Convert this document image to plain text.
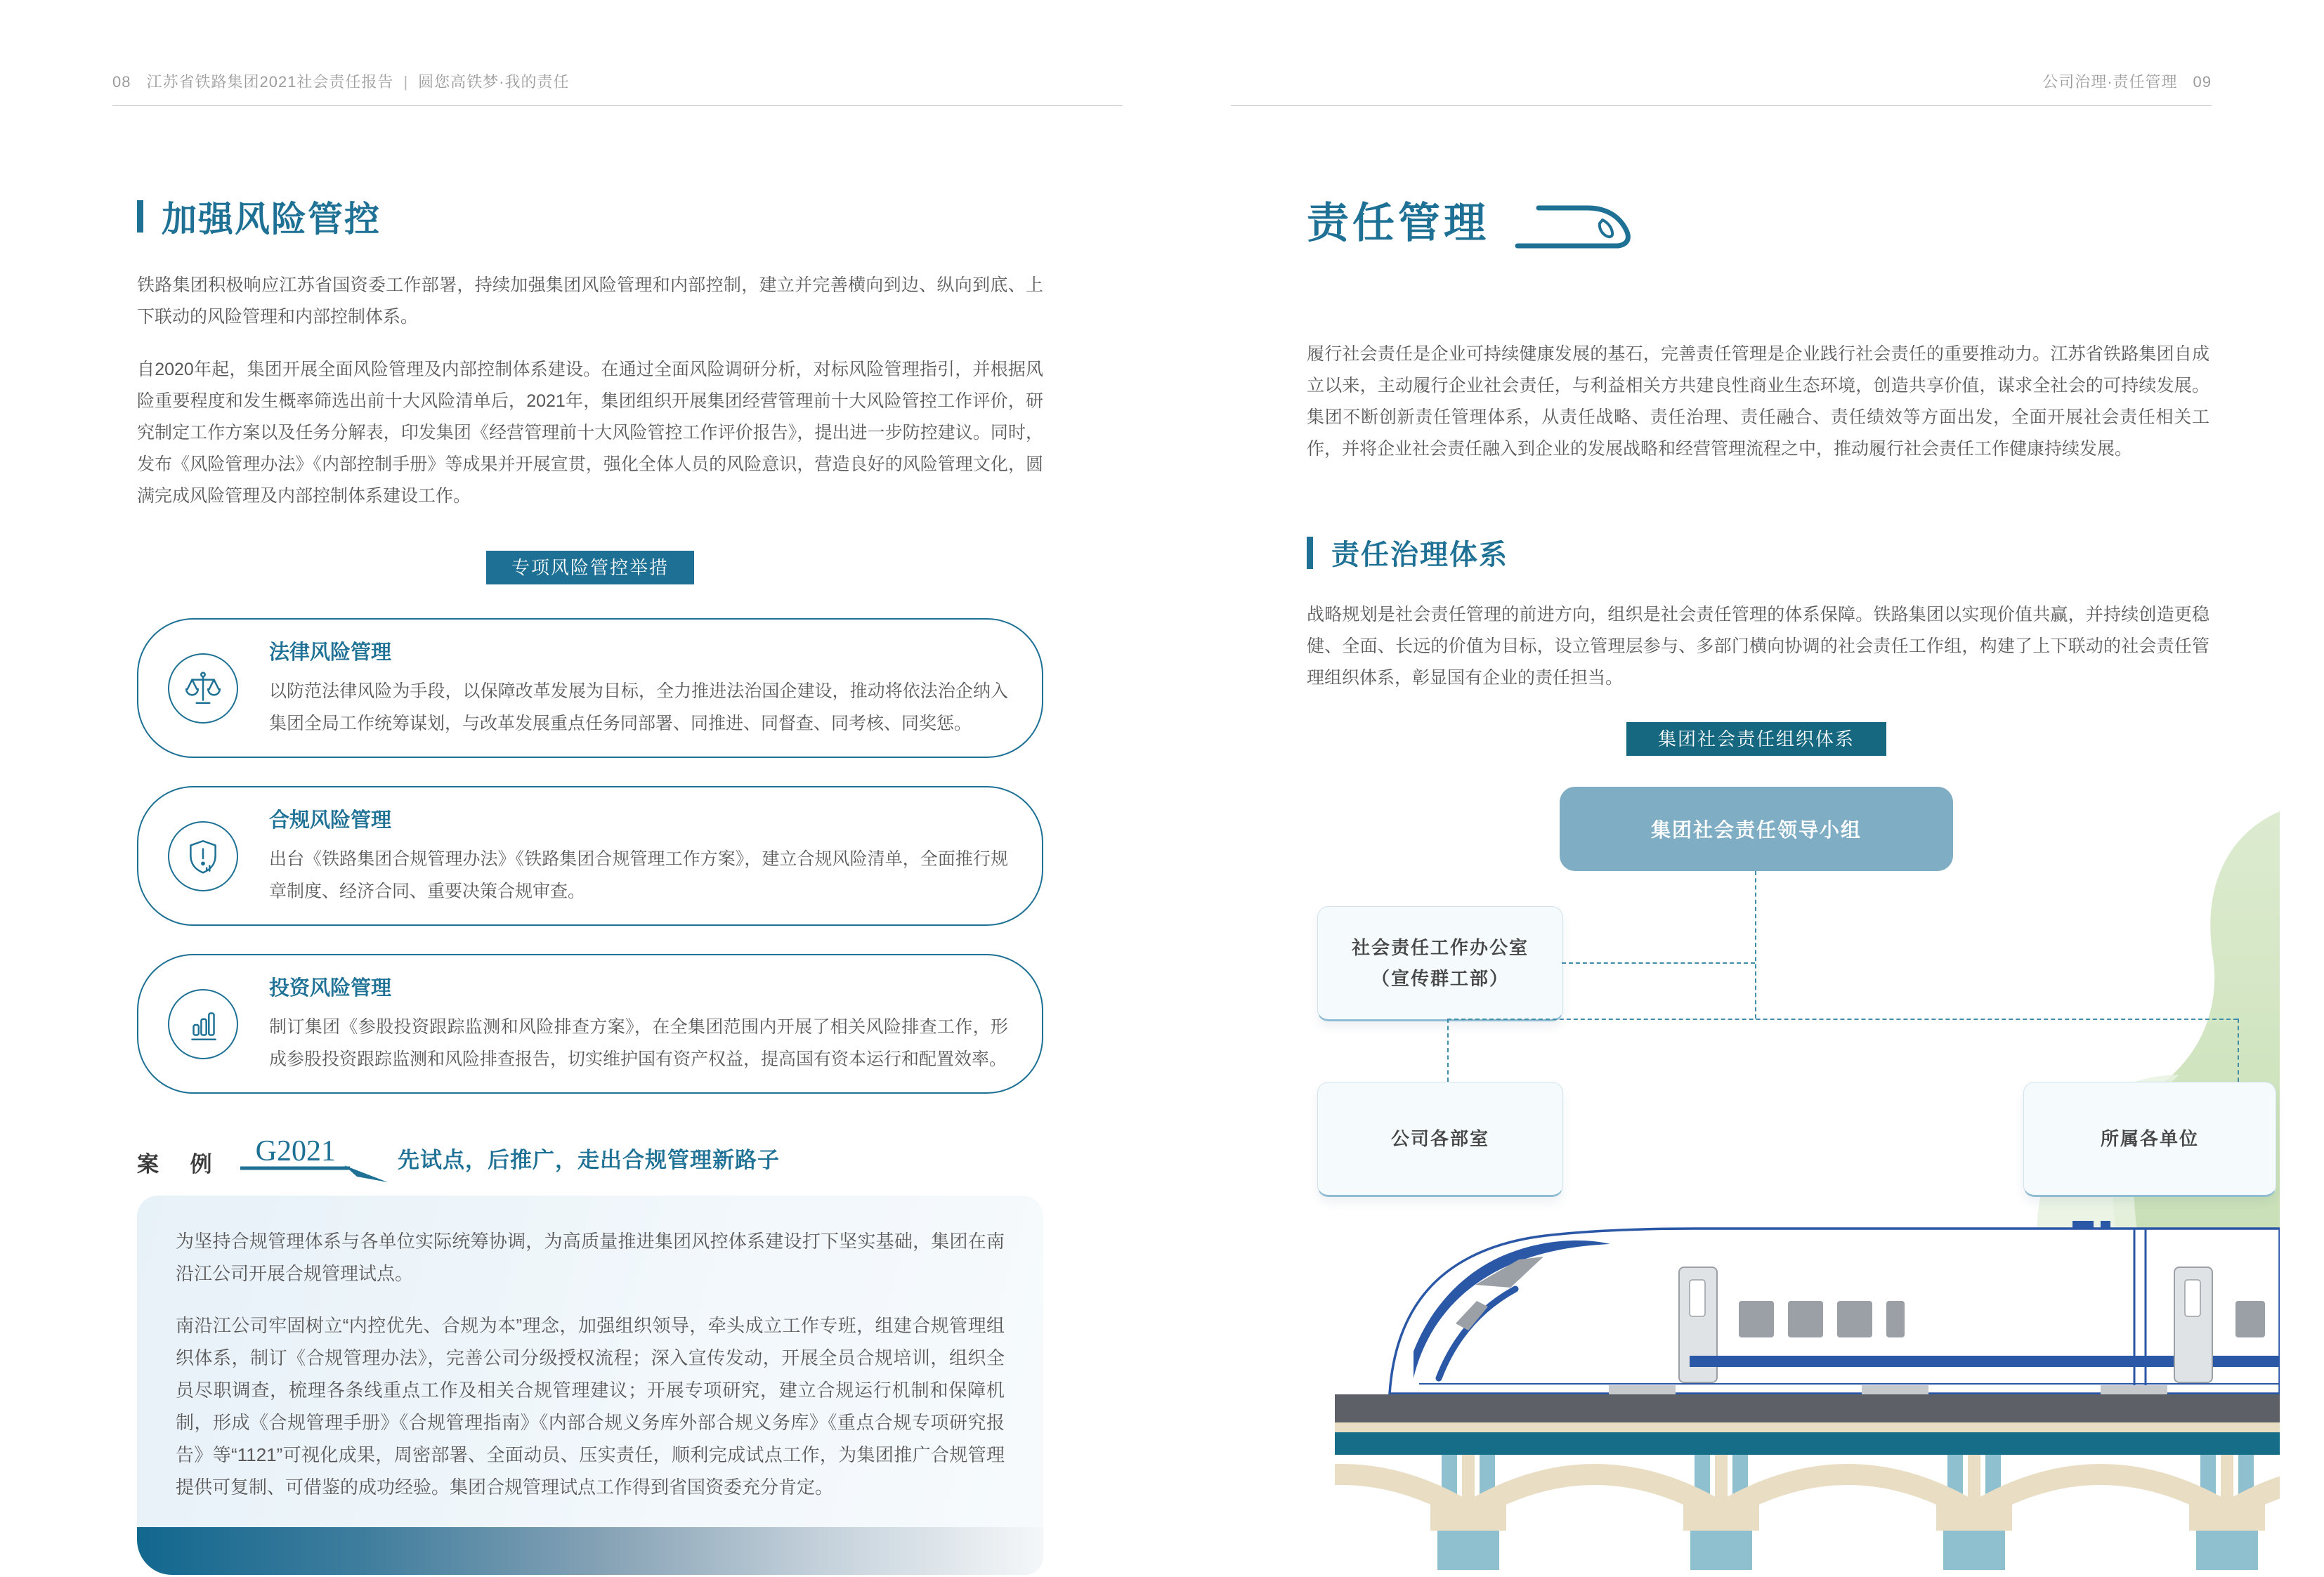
08 江苏省铁路集团2021社会责任报告 | 圆您高铁梦·我的责任	公司治理·责任管理 09
加强风险管控

铁路集团积极响应江苏省国资委工作部署，持续加强集团风险管理和内部控制，建立并完善横向到边、纵向到底、上下联动的风险管理和内部控制体系。

自2020年起，集团开展全面风险管理及内部控制体系建设。在通过全面风险调研分析，对标风险管理指引，并根据风险重要程度和发生概率筛选出前十大风险清单后，2021年，集团组织开展集团经营管理前十大风险管控工作评价，研究制定工作方案以及任务分解表，印发集团《经营管理前十大风险管控工作评价报告》，提出进一步防控建议。同时，发布《风险管理办法》《内部控制手册》等成果并开展宣贯，强化全体人员的风险意识，营造良好的风险管理文化，圆满完成风险管理及内部控制体系建设工作。

专项风险管控举措
法律风险管理

以防范法律风险为手段，以保障改革发展为目标，全力推进法治国企建设，推动将依法治企纳入集团全局工作统筹谋划，与改革发展重点任务同部署、同推进、同督查、同考核、同奖惩。

合规风险管理

出台《铁路集团合规管理办法》《铁路集团合规管理工作方案》，建立合规风险清单，全面推行规章制度、经济合同、重要决策合规审查。

投资风险管理

制订集团《参股投资跟踪监测和风险排查方案》，在全集团范围内开展了相关风险排查工作，形成参股投资跟踪监测和风险排查报告，切实维护国有资产权益，提高国有资本运行和配置效率。

案 例 G2021	先试点，后推广，走出合规管理新路子

为坚持合规管理体系与各单位实际统筹协调，为高质量推进集团风控体系建设打下坚实基础，集团在南沿江公司开展合规管理试点。

南沿江公司牢固树立“内控优先、合规为本”理念，加强组织领导，牵头成立工作专班，组建合规管理组织体系，制订《合规管理办法》，完善公司分级授权流程；深入宣传发动，开展全员合规培训，组织全员尽职调查，梳理各条线重点工作及相关合规管理建议；开展专项研究，建立合规运行机制和保障机制，形成《合规管理手册》《合规管理指南》《内部合规义务库外部合规义务库》《重点合规专项研究报告》等“1121”可视化成果，周密部署、全面动员、压实责任，顺利完成试点工作，为集团推广合规管理提供可复制、可借鉴的成功经验。集团合规管理试点工作得到省国资委充分肯定。

责任管理

履行社会责任是企业可持续健康发展的基石，完善责任管理是企业践行社会责任的重要推动力。江苏省铁路集团自成立以来，主动履行企业社会责任，与利益相关方共建良性商业生态环境，创造共享价值，谋求全社会的可持续发展。集团不断创新责任管理体系，从责任战略、责任治理、责任融合、责任绩效等方面出发，全面开展社会责任相关工作，并将企业社会责任融入到企业的发展战略和经营管理流程之中，推动履行社会责任工作健康持续发展。

责任治理体系

战略规划是社会责任管理的前进方向，组织是社会责任管理的体系保障。铁路集团以实现价值共赢，并持续创造更稳健、全面、长远的价值为目标，设立管理层参与、多部门横向协调的社会责任工作组，构建了上下联动的社会责任管理组织体系，彰显国有企业的责任担当。

集团社会责任组织体系
集团社会责任领导小组
社会责任工作办公室
（宣传群工部）
公司各部室	所属各单位
